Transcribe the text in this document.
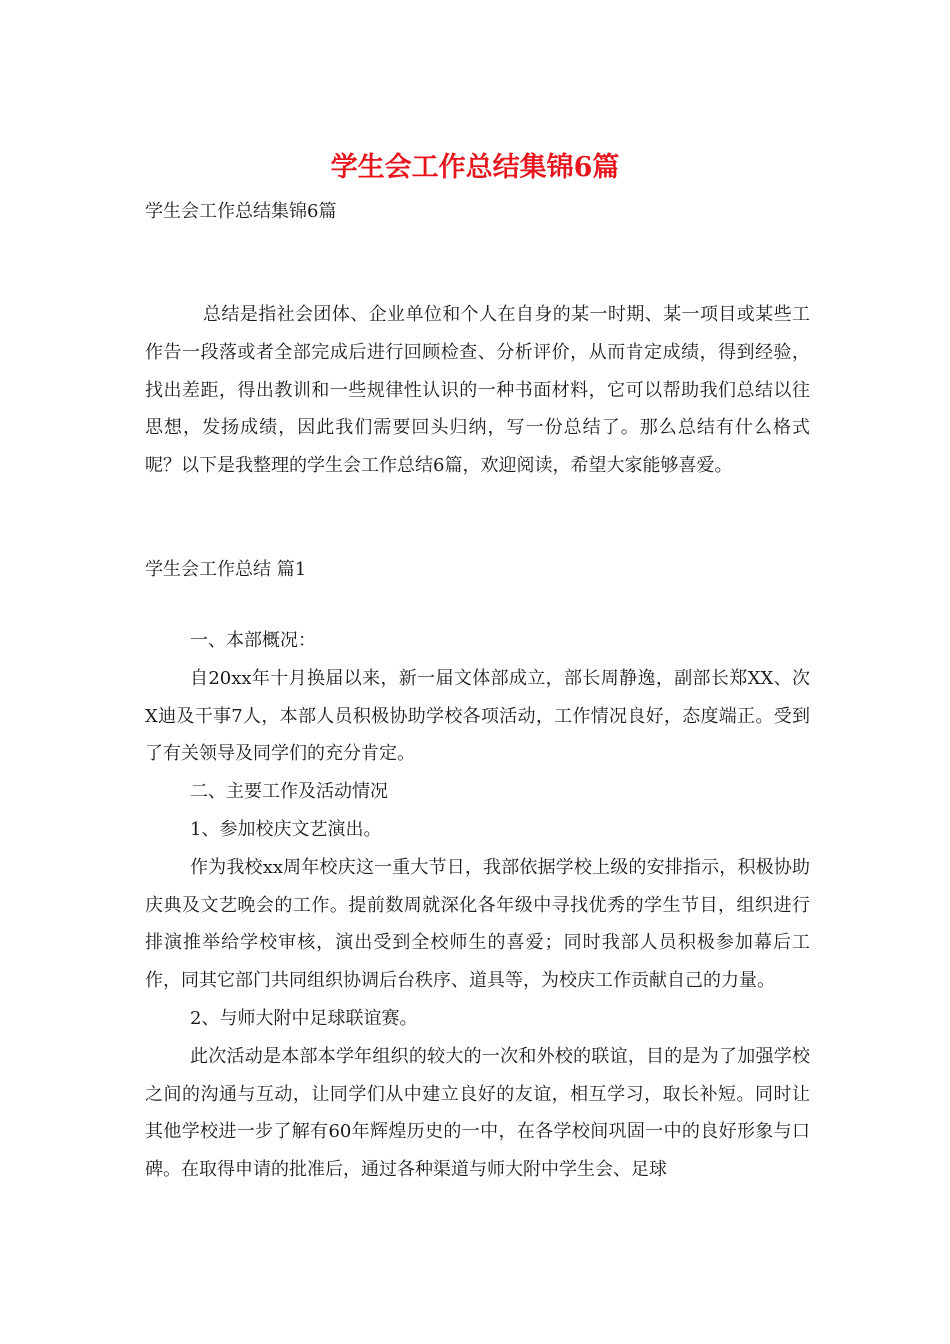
学生会工作总结集锦6篇
学生会工作总结集锦6篇

总结是指社会团体、企业单位和个人在自身的某一时期、某一项目或某些工作告一段落或者全部完成后进行回顾检查、分析评价，从而肯定成绩，得到经验，找出差距，得出教训和一些规律性认识的一种书面材料，它可以帮助我们总结以往思想，发扬成绩，因此我们需要回头归纳，写一份总结了。那么总结有什么格式呢？以下是我整理的学生会工作总结6篇，欢迎阅读，希望大家能够喜爱。

学生会工作总结 篇1

一、本部概况：

自20xx年十月换届以来，新一届文体部成立，部长周静逸，副部长郑XX、次X迪及干事7人，本部人员积极协助学校各项活动，工作情况良好，态度端正。受到了有关领导及同学们的充分肯定。

二、主要工作及活动情况

1、参加校庆文艺演出。

作为我校xx周年校庆这一重大节日，我部依据学校上级的安排指示，积极协助庆典及文艺晚会的工作。提前数周就深化各年级中寻找优秀的学生节目，组织进行排演推举给学校审核，演出受到全校师生的喜爱；同时我部人员积极参加幕后工作，同其它部门共同组织协调后台秩序、道具等，为校庆工作贡献自己的力量。

2、与师大附中足球联谊赛。

此次活动是本部本学年组织的较大的一次和外校的联谊，目的是为了加强学校之间的沟通与互动，让同学们从中建立良好的友谊，相互学习，取长补短。同时让其他学校进一步了解有60年辉煌历史的一中，在各学校间巩固一中的良好形象与口碑。在取得申请的批准后，通过各种渠道与师大附中学生会、足球
